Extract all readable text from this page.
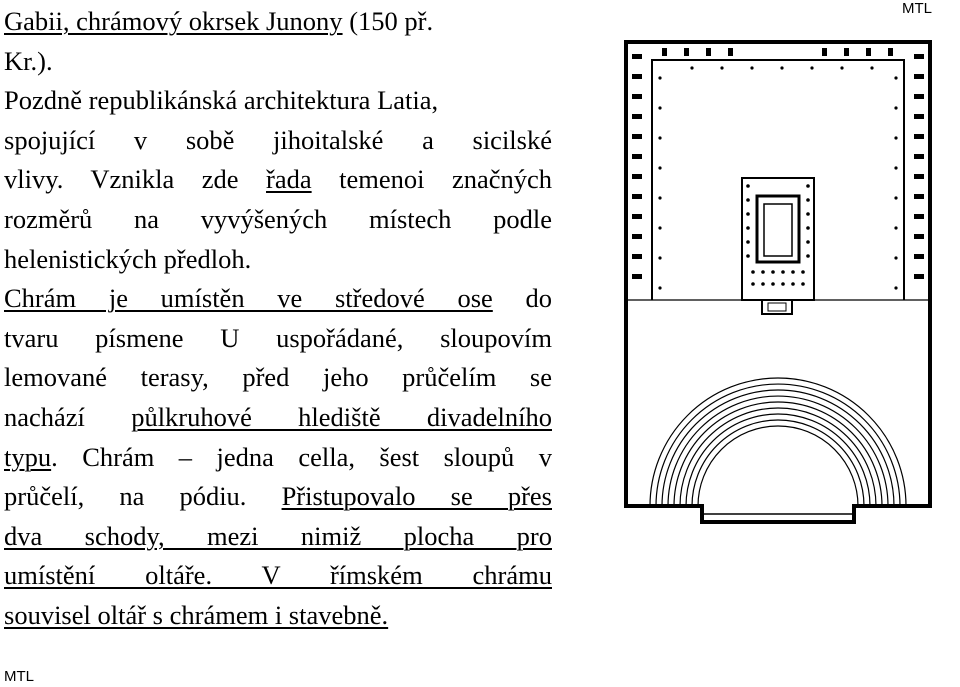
MTL
Gabii, chrámový okrsek Junony (150 př.
Kr.).
Pozdně republikánská architektura Latia,
spojující v sobě jihoitalské a sicilské
vlivy. Vznikla zde řada temenoi značných
rozměrů na vyvýšených místech podle
helenistických předloh.
Chrám je umístěn ve středové ose do
tvaru písmene U uspořádané, sloupovím
lemované terasy, před jeho průčelím se
nachází půlkruhové hlediště divadelního
typu. Chrám – jedna cella, šest sloupů v
průčelí, na pódiu. Přistupovalo se přes
dva schody, mezi nimiž plocha pro
umístění oltáře. V římském chrámu
souvisel oltář s chrámem i stavebně.
MTL
